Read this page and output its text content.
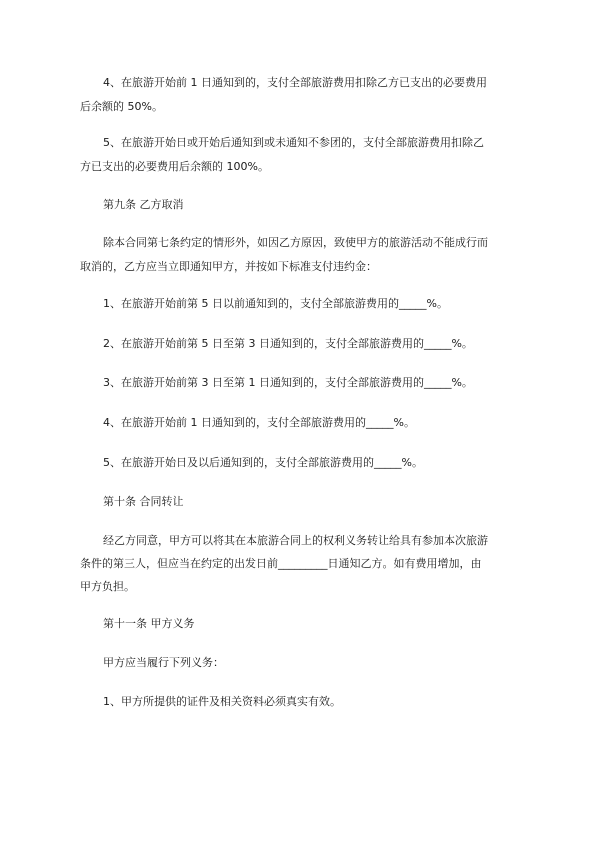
4、在旅游开始前 1 日通知到的，支付全部旅游费用扣除乙方已支出的必要费用
后余额的 50%。
5、在旅游开始日或开始后通知到或未通知不参团的，支付全部旅游费用扣除乙
方已支出的必要费用后余额的 100%。
第九条 乙方取消
除本合同第七条约定的情形外，如因乙方原因，致使甲方的旅游活动不能成行而
取消的，乙方应当立即通知甲方，并按如下标准支付违约金：
1、在旅游开始前第 5 日以前通知到的，支付全部旅游费用的_____%。
2、在旅游开始前第 5 日至第 3 日通知到的，支付全部旅游费用的_____%。
3、在旅游开始前第 3 日至第 1 日通知到的，支付全部旅游费用的_____%。
4、在旅游开始前 1 日通知到的，支付全部旅游费用的_____%。
5、在旅游开始日及以后通知到的，支付全部旅游费用的_____%。
第十条 合同转让
经乙方同意，甲方可以将其在本旅游合同上的权利义务转让给具有参加本次旅游
条件的第三人，但应当在约定的出发日前_________日通知乙方。如有费用增加，由
甲方负担。
第十一条 甲方义务
甲方应当履行下列义务：
1、甲方所提供的证件及相关资料必须真实有效。
